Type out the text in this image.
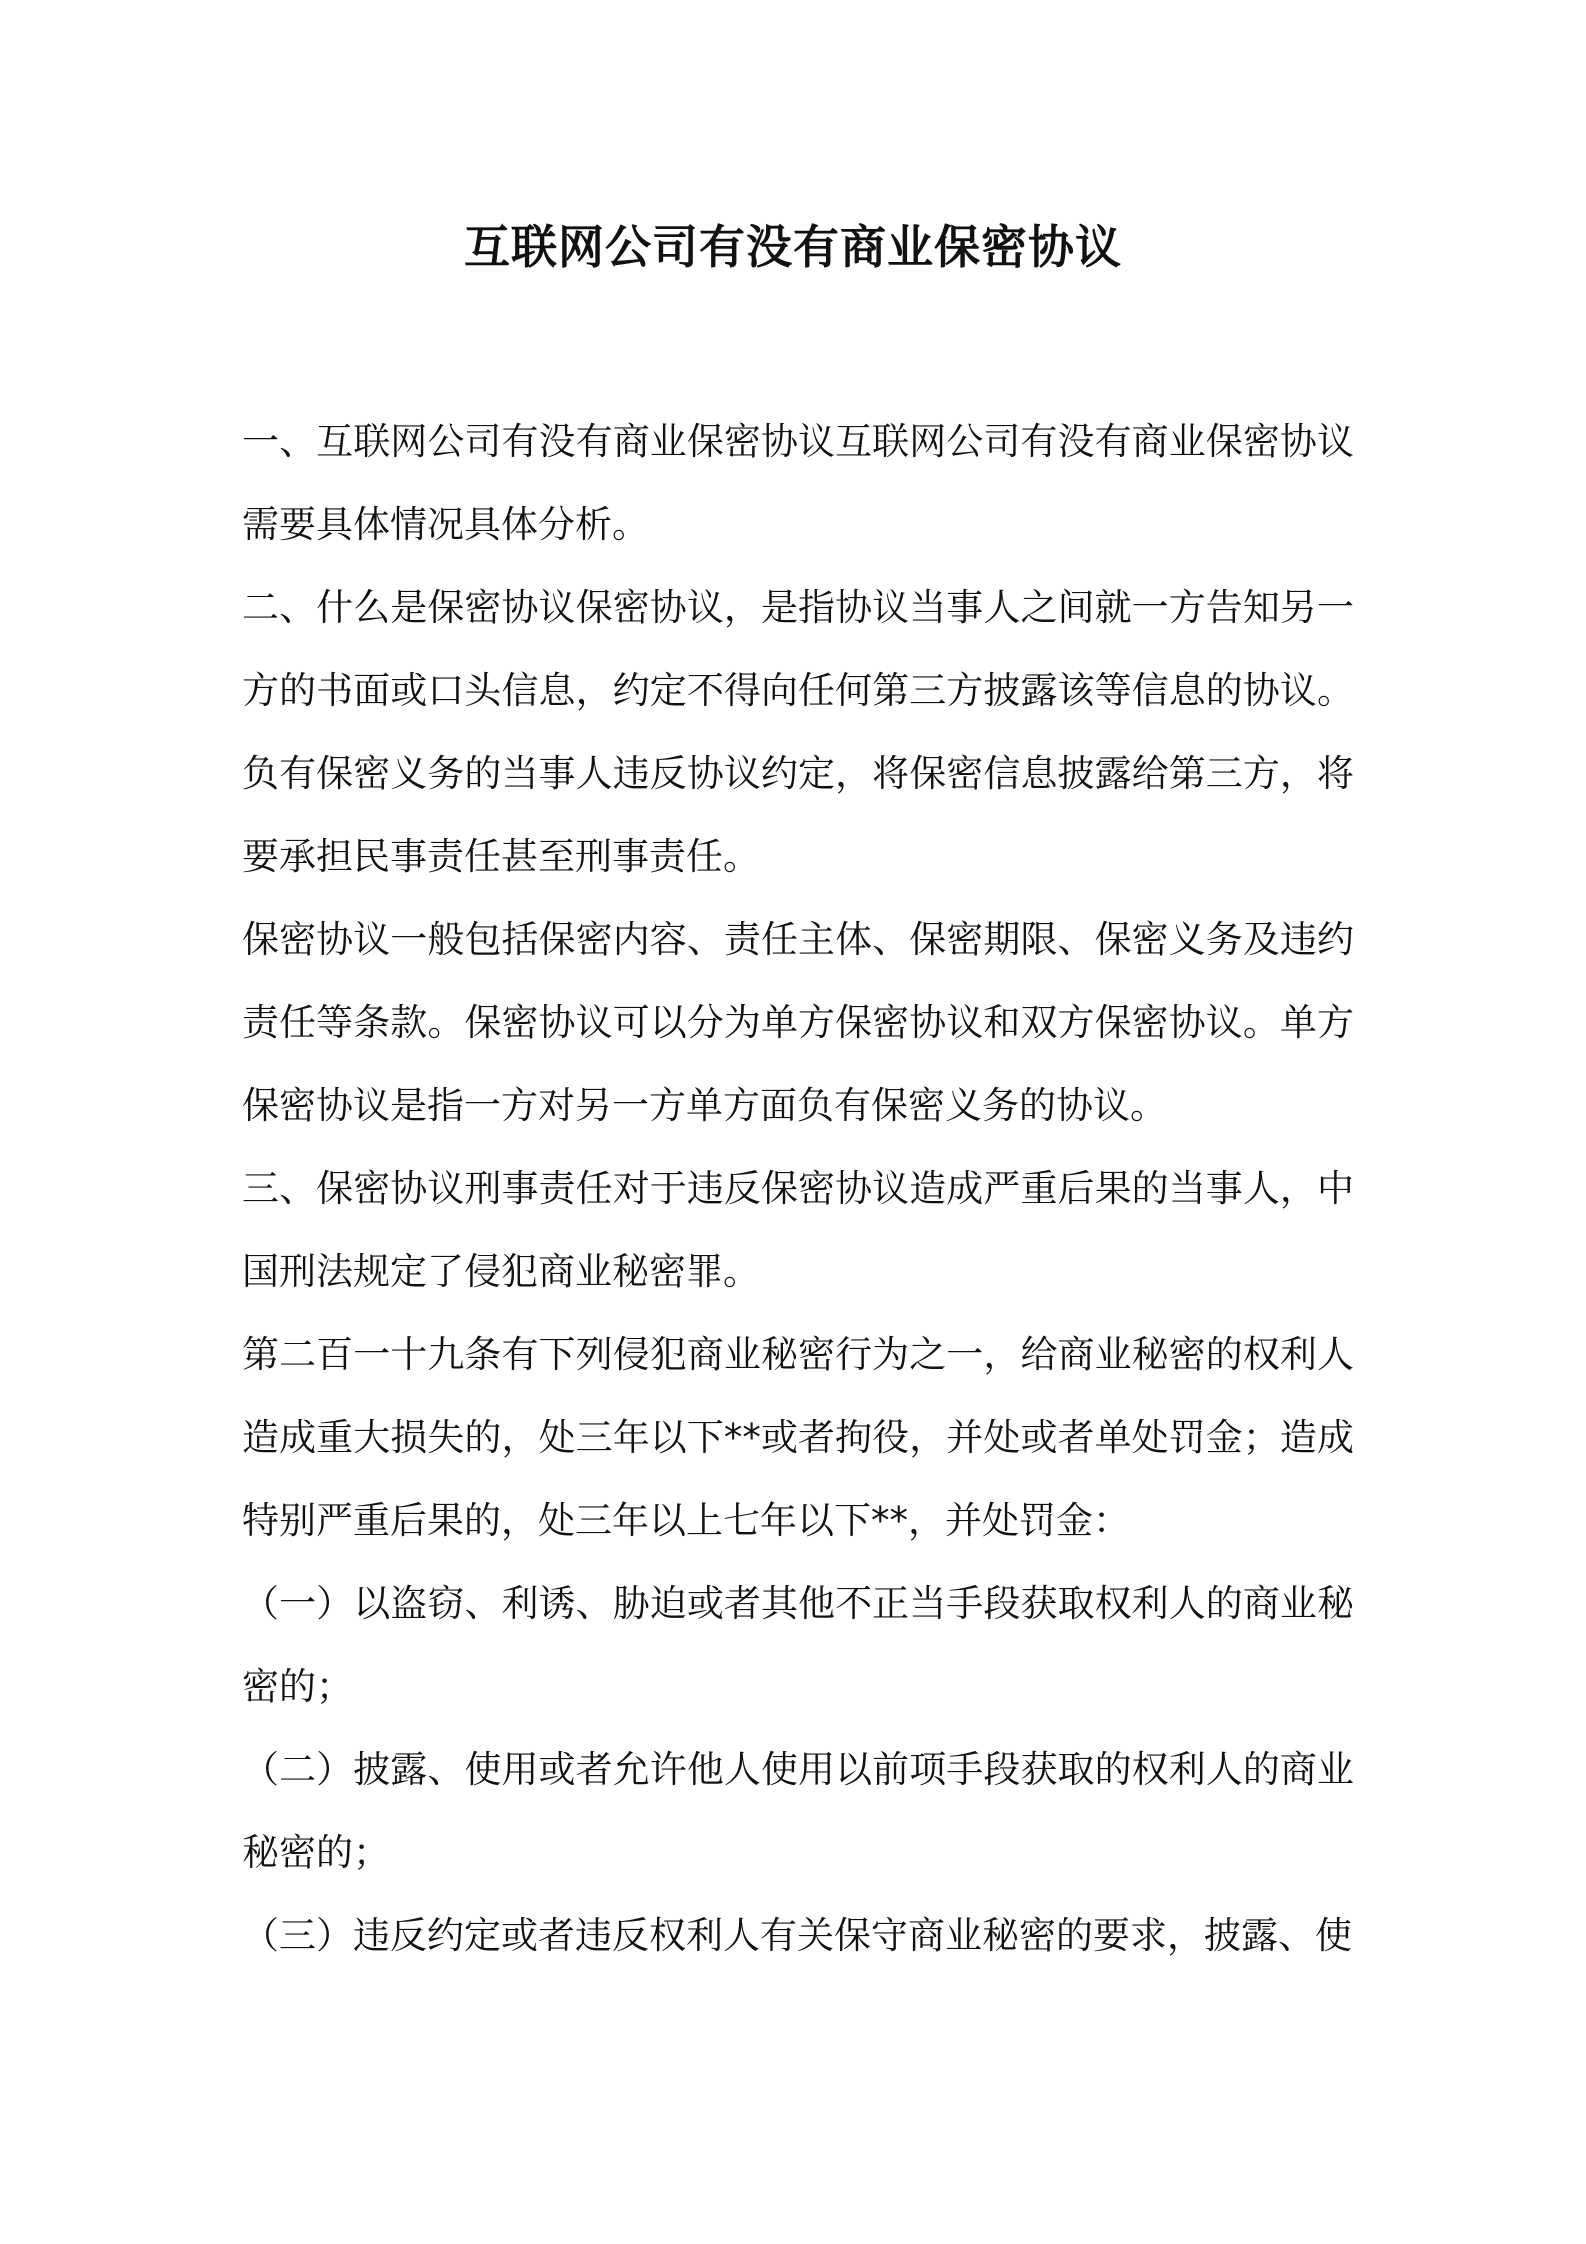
互联网公司有没有商业保密协议

一、互联网公司有没有商业保密协议互联网公司有没有商业保密协议需要具体情况具体分析。

二、什么是保密协议保密协议，是指协议当事人之间就一方告知另一方的书面或口头信息，约定不得向任何第三方披露该等信息的协议。负有保密义务的当事人违反协议约定，将保密信息披露给第三方，将要承担民事责任甚至刑事责任。

保密协议一般包括保密内容、责任主体、保密期限、保密义务及违约责任等条款。保密协议可以分为单方保密协议和双方保密协议。单方保密协议是指一方对另一方单方面负有保密义务的协议。

三、保密协议刑事责任对于违反保密协议造成严重后果的当事人，中国刑法规定了侵犯商业秘密罪。

第二百一十九条有下列侵犯商业秘密行为之一，给商业秘密的权利人造成重大损失的，处三年以下**或者拘役，并处或者单处罚金；造成特别严重后果的，处三年以上七年以下**，并处罚金：

（一）以盗窃、利诱、胁迫或者其他不正当手段获取权利人的商业秘密的；

（二）披露、使用或者允许他人使用以前项手段获取的权利人的商业秘密的；

（三）违反约定或者违反权利人有关保守商业秘密的要求，披露、使
